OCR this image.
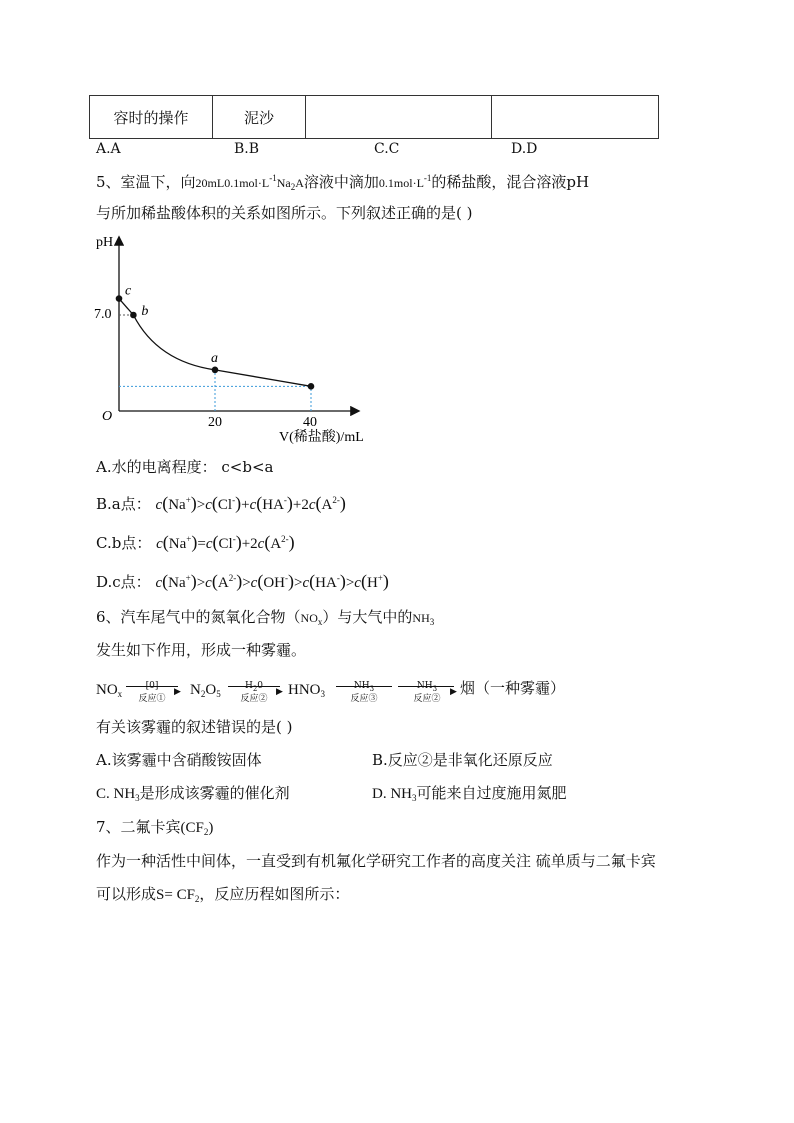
容时的操作	泥沙		
A.A	B.B	C.C	D.D
5、室温下，向$20mL0.1mol\cdot L^{-1}Na_2A$溶液中滴加$0.1mol\cdot L^{-1}$的稀盐酸，混合溶液pH
与所加稀盐酸体积的关系如图所示。下列叙述正确的是( )
pH
O	20	40
7.0
V(稀盐酸)/mL
c
b
a
A.水的电离程度： c<b<a
B.a点： $c(Na^+)>c(Cl^-)+c(HA^-)+2c(A^{2-})$
C.b点： $c(Na^+)=c(Cl^-)+2c(A^{2-})$
D.c点： $c(Na^+)>c(A^{2-})>c(OH^-)>c(HA^-)>c(H^+)$
6、汽车尾气中的氮氧化合物$(NO_x)$与大气中的$NH_3$
发生如下作用，形成一种雾霾。
$NO_x$
[0]
反应①
▶ $N_2O_5$
$H_20$
反应②
▶ $HNO_3$
$NH_3$
反应③
$NH_3$
反应②
▶ 烟（一种雾霾）
有关该雾霾的叙述错误的是( )
A.该雾霾中含硝酸铵固体	B.反应②是非氧化还原反应
C. $NH_3$是形成该雾霾的催化剂	D. $NH_3$可能来自过度施用氮肥
7、二氟卡宾$(CF_2)$
作为一种活性中间体，一直受到有机氟化学研究工作者的高度关注 硫单质与二氟卡宾
可以形成$S= CF_2$，反应历程如图所示：
